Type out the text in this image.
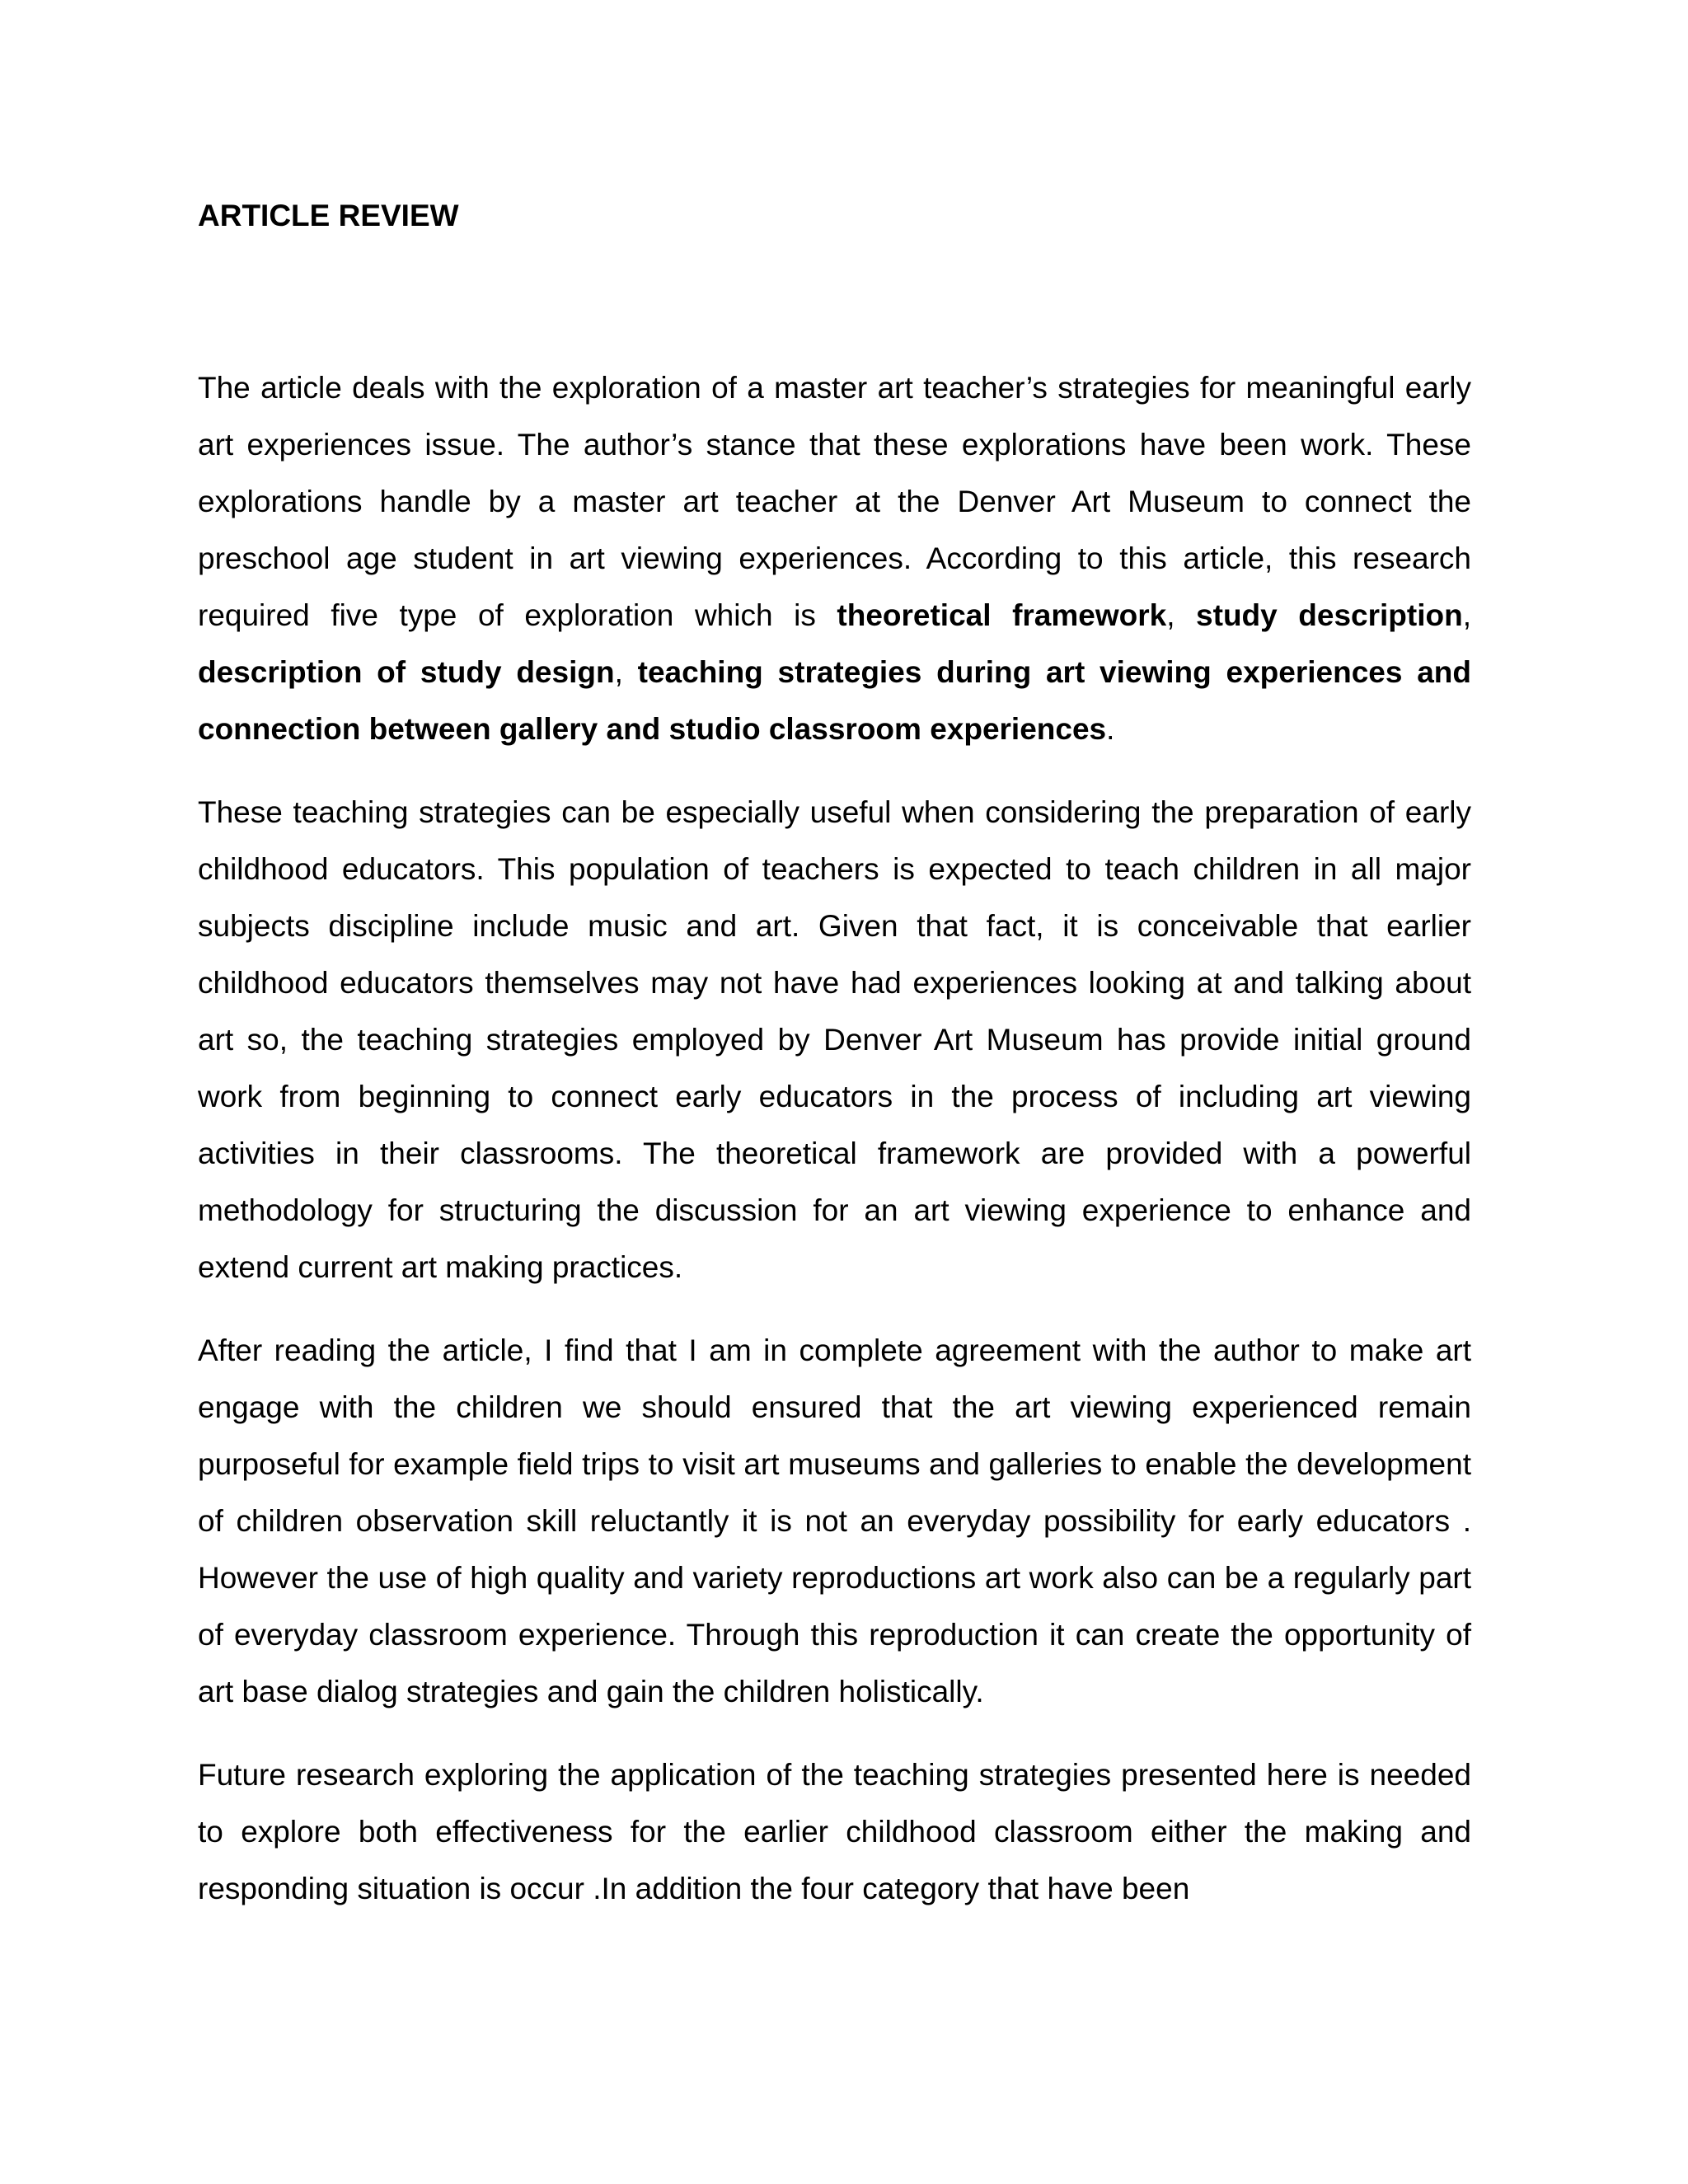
ARTICLE REVIEW

The article deals with the exploration of a master art teacher’s strategies for meaningful early art experiences issue. The author’s stance that these explorations have been work. These explorations handle by a master art teacher at the Denver Art Museum to connect the preschool age student in art viewing experiences. According to this article, this research required five type of exploration which is theoretical framework, study description, description of study design, teaching strategies during art viewing experiences and connection between gallery and studio classroom experiences.

These teaching strategies can be especially useful when considering the preparation of early childhood educators. This population of teachers is expected to teach children in all major subjects discipline include music and art. Given that fact, it is conceivable that earlier childhood educators themselves may not have had experiences looking at and talking about art so, the teaching strategies employed by Denver Art Museum has provide initial ground work from beginning to connect early educators in the process of including art viewing activities in their classrooms. The theoretical framework are provided with a powerful methodology for structuring the discussion for an art viewing experience to enhance and extend current art making practices.

After reading the article, I find that I am in complete agreement with the author to make art engage with the children we should ensured that the art viewing experienced remain purposeful for example field trips to visit art museums and galleries to enable the development of children observation skill reluctantly it is not an everyday possibility for early educators . However the use of high quality and variety reproductions art work also can be a regularly part of everyday classroom experience. Through this reproduction it can create the opportunity of art base dialog strategies and gain the children holistically.

Future research exploring the application of the teaching strategies presented here is needed to explore both effectiveness for the earlier childhood classroom either the making and responding situation is occur .In addition the four category that have been
